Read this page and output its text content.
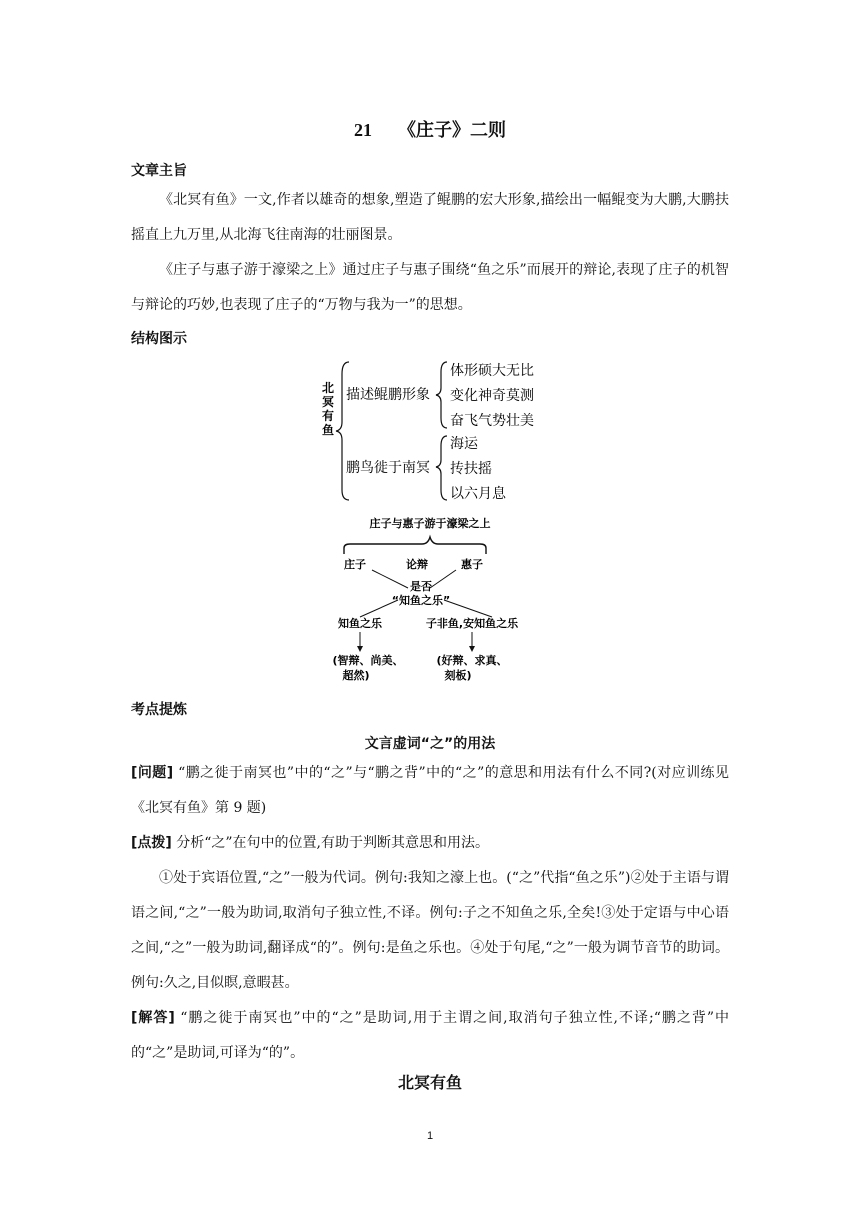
21 《庄子》二则
文章主旨
《北冥有鱼》一文,作者以雄奇的想象,塑造了鲲鹏的宏大形象,描绘出一幅鲲变为大鹏,大鹏扶摇直上九万里,从北海飞往南海的壮丽图景。
《庄子与惠子游于濠梁之上》通过庄子与惠子围绕“鱼之乐”而展开的辩论,表现了庄子的机智与辩论的巧妙,也表现了庄子的“万物与我为一”的思想。
结构图示
北冥有鱼
描述鲲鹏形象
鹏鸟徙于南冥
体形硕大无比
变化神奇莫测
奋飞气势壮美
海运
抟扶摇
以六月息
庄子与惠子游于濠梁之上
庄子	论辩	惠子
是否
“知鱼之乐”
知鱼之乐	子非鱼,安知鱼之乐
(智辩、尚美、
超然)
(好辩、求真、
刻板)
考点提炼
文言虚词“之”的用法
[问题] “鹏之徙于南冥也”中的“之”与“鹏之背”中的“之”的意思和用法有什么不同?(对应训练见《北冥有鱼》第 9 题)
[点拨] 分析“之”在句中的位置,有助于判断其意思和用法。
①处于宾语位置,“之”一般为代词。例句:我知之濠上也。(“之”代指“鱼之乐”)②处于主语与谓语之间,“之”一般为助词,取消句子独立性,不译。例句:子之不知鱼之乐,全矣!③处于定语与中心语之间,“之”一般为助词,翻译成“的”。例句:是鱼之乐也。④处于句尾,“之”一般为调节音节的助词。例句:久之,目似瞑,意暇甚。
[解答] “鹏之徙于南冥也”中的“之”是助词,用于主谓之间,取消句子独立性,不译;“鹏之背”中的“之”是助词,可译为“的”。
北冥有鱼
1
